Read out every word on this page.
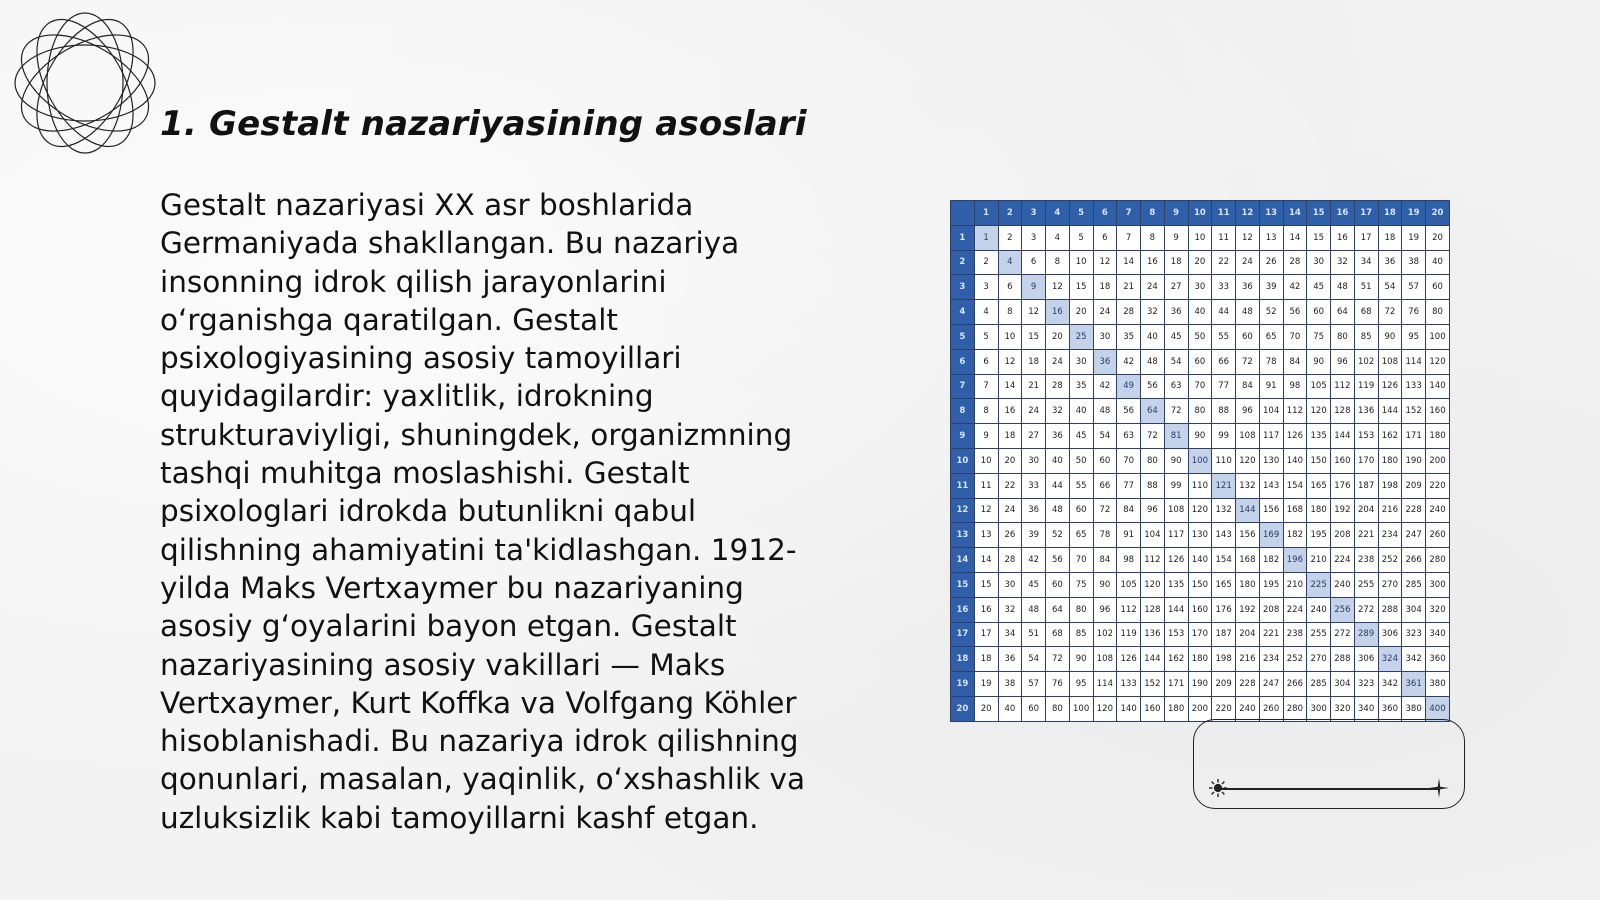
1. Gestalt nazariyasining asoslari
Gestalt nazariyasi XX asr boshlarida
Germaniyada shakllangan. Bu nazariya
insonning idrok qilish jarayonlarini
o‘rganishga qaratilgan. Gestalt
psixologiyasining asosiy tamoyillari
quyidagilardir: yaxlitlik, idrokning
strukturaviyligi, shuningdek, organizmning
tashqi muhitga moslashishi. Gestalt
psixologlari idrokda butunlikni qabul
qilishning ahamiyatini ta'kidlashgan. 1912-
yilda Maks Vertxaymer bu nazariyaning
asosiy g‘oyalarini bayon etgan. Gestalt
nazariyasining asosiy vakillari — Maks
Vertxaymer, Kurt Koffka va Volfgang Köhler
hisoblanishadi. Bu nazariya idrok qilishning
qonunlari, masalan, yaqinlik, o‘xshashlik va
uzluksizlik kabi tamoyillarni kashf etgan.
	1	2	3	4	5	6	7	8	9	10	11	12	13	14	15	16	17	18	19	20
1	1	2	3	4	5	6	7	8	9	10	11	12	13	14	15	16	17	18	19	20
2	2	4	6	8	10	12	14	16	18	20	22	24	26	28	30	32	34	36	38	40
3	3	6	9	12	15	18	21	24	27	30	33	36	39	42	45	48	51	54	57	60
4	4	8	12	16	20	24	28	32	36	40	44	48	52	56	60	64	68	72	76	80
5	5	10	15	20	25	30	35	40	45	50	55	60	65	70	75	80	85	90	95	100
6	6	12	18	24	30	36	42	48	54	60	66	72	78	84	90	96	102	108	114	120
7	7	14	21	28	35	42	49	56	63	70	77	84	91	98	105	112	119	126	133	140
8	8	16	24	32	40	48	56	64	72	80	88	96	104	112	120	128	136	144	152	160
9	9	18	27	36	45	54	63	72	81	90	99	108	117	126	135	144	153	162	171	180
10	10	20	30	40	50	60	70	80	90	100	110	120	130	140	150	160	170	180	190	200
11	11	22	33	44	55	66	77	88	99	110	121	132	143	154	165	176	187	198	209	220
12	12	24	36	48	60	72	84	96	108	120	132	144	156	168	180	192	204	216	228	240
13	13	26	39	52	65	78	91	104	117	130	143	156	169	182	195	208	221	234	247	260
14	14	28	42	56	70	84	98	112	126	140	154	168	182	196	210	224	238	252	266	280
15	15	30	45	60	75	90	105	120	135	150	165	180	195	210	225	240	255	270	285	300
16	16	32	48	64	80	96	112	128	144	160	176	192	208	224	240	256	272	288	304	320
17	17	34	51	68	85	102	119	136	153	170	187	204	221	238	255	272	289	306	323	340
18	18	36	54	72	90	108	126	144	162	180	198	216	234	252	270	288	306	324	342	360
19	19	38	57	76	95	114	133	152	171	190	209	228	247	266	285	304	323	342	361	380
20	20	40	60	80	100	120	140	160	180	200	220	240	260	280	300	320	340	360	380	400
